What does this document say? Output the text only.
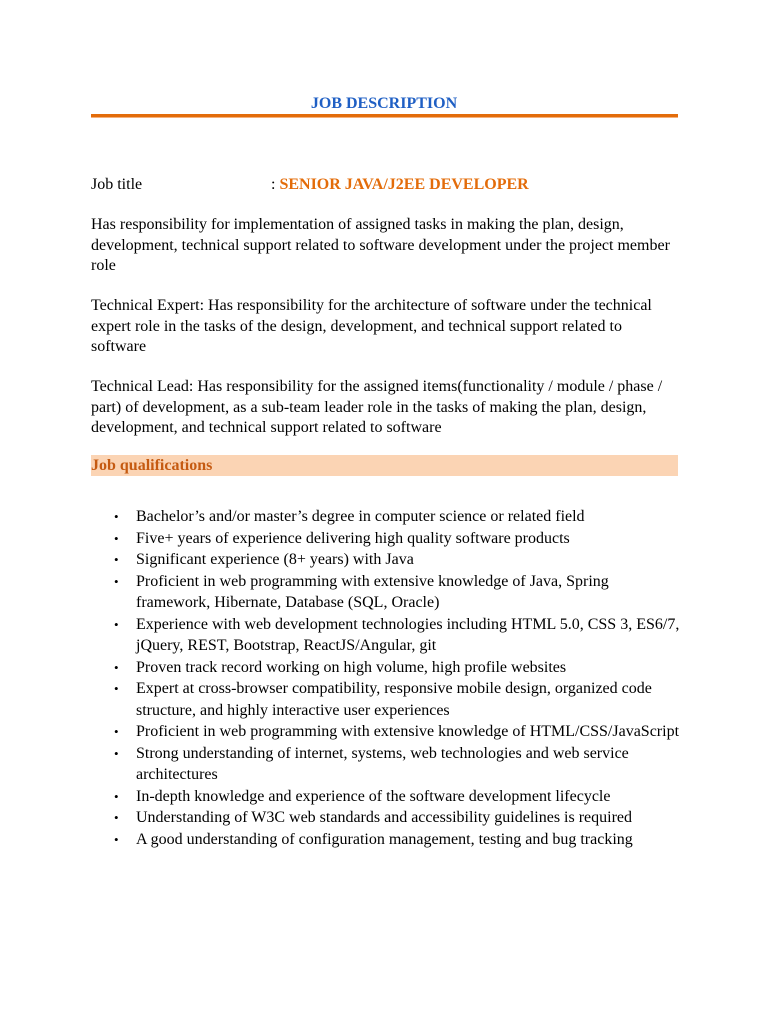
JOB DESCRIPTION
Job title	: SENIOR JAVA/J2EE DEVELOPER

Has responsibility for implementation of assigned tasks in making the plan, design, development, technical support related to software development under the project member role

Technical Expert: Has responsibility for the architecture of software under the technical expert role in the tasks of the design, development, and technical support related to software

Technical Lead: Has responsibility for the assigned items(functionality / module / phase / part) of development, as a sub-team leader role in the tasks of making the plan, design, development, and technical support related to software

Job qualifications
• Bachelor’s and/or master’s degree in computer science or related field
• Five+ years of experience delivering high quality software products
• Significant experience (8+ years) with Java
• Proficient in web programming with extensive knowledge of Java, Spring framework, Hibernate, Database (SQL, Oracle)
• Experience with web development technologies including HTML 5.0, CSS 3, ES6/7, jQuery, REST, Bootstrap, ReactJS/Angular, git
• Proven track record working on high volume, high profile websites
• Expert at cross-browser compatibility, responsive mobile design, organized code structure, and highly interactive user experiences
• Proficient in web programming with extensive knowledge of HTML/CSS/JavaScript
• Strong understanding of internet, systems, web technologies and web service architectures
• In-depth knowledge and experience of the software development lifecycle
• Understanding of W3C web standards and accessibility guidelines is required
• A good understanding of configuration management, testing and bug tracking
